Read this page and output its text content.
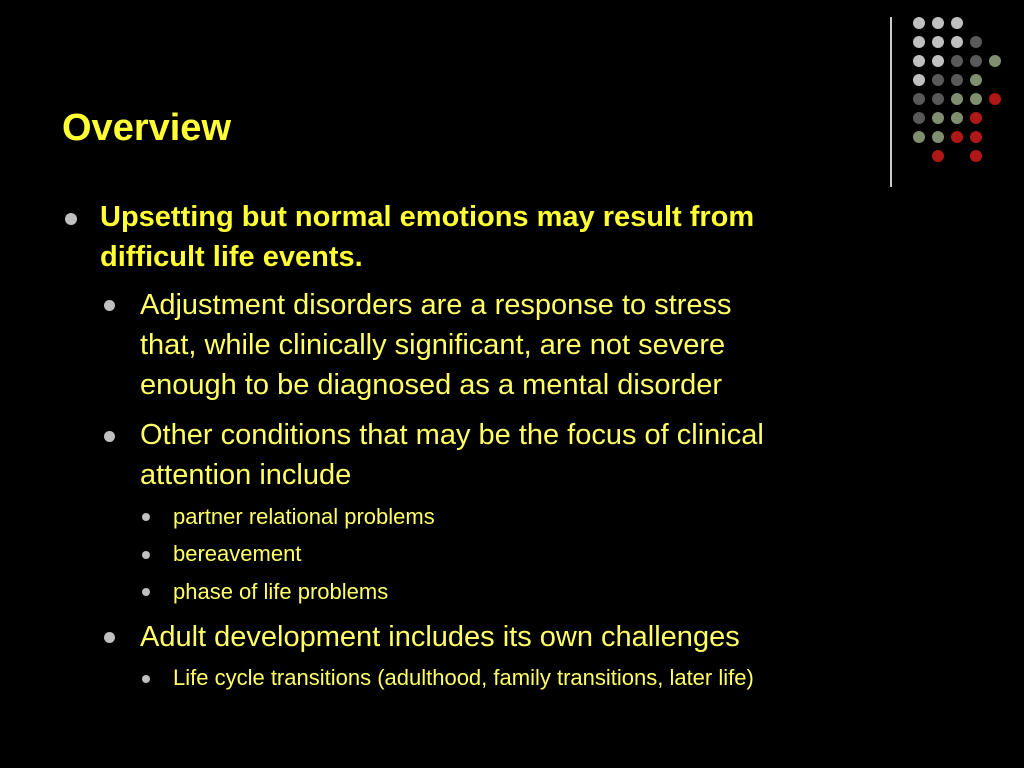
Overview

Upsetting but normal emotions may result from

difficult life events.

Adjustment disorders are a response to stress

that, while clinically significant, are not severe

enough to be diagnosed as a mental disorder

Other conditions that may be the focus of clinical

attention include

partner relational problems

bereavement

phase of life problems

Adult development includes its own challenges

Life cycle transitions (adulthood, family transitions, later life)
